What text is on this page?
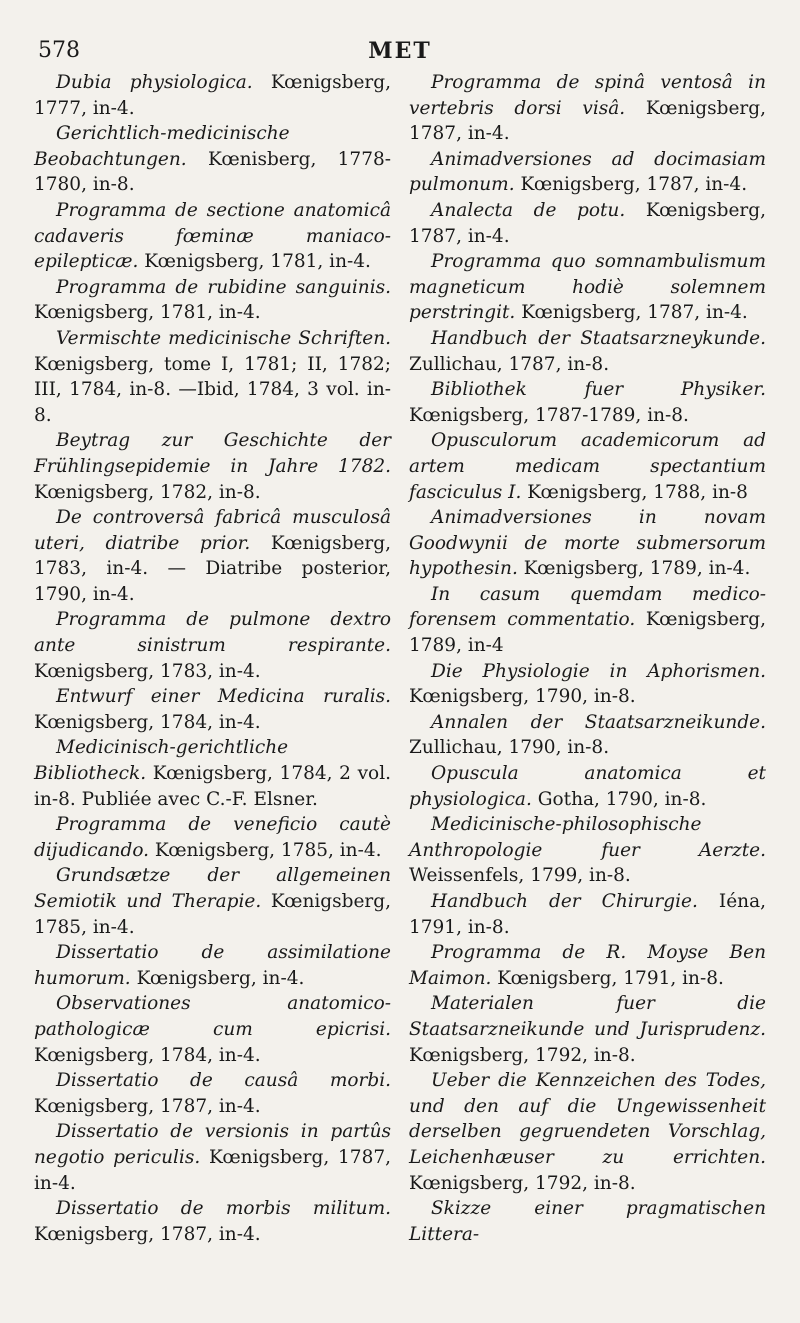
578	MET

Dubia physiologica. Kœnigsberg, 1777, in-4.

Gerichtlich-medicinische Beobachtungen. Kœnisberg, 1778-1780, in-8.

Programma de sectione anatomicâ cadaveris fœminæ maniaco-epilepticæ. Kœnigsberg, 1781, in-4.

Programma de rubidine sanguinis. Kœnigsberg, 1781, in-4.

Vermischte medicinische Schriften. Kœnigsberg, tome I, 1781; II, 1782; III, 1784, in-8. —Ibid, 1784, 3 vol. in-8.

Beytrag zur Geschichte der Frühlingsepidemie in Jahre 1782. Kœnigsberg, 1782, in-8.

De controversâ fabricâ musculosâ uteri, diatribe prior. Kœnigsberg, 1783, in-4. — Diatribe posterior, 1790, in-4.

Programma de pulmone dextro ante sinistrum respirante. Kœnigsberg, 1783, in-4.

Entwurf einer Medicina ruralis. Kœnigsberg, 1784, in-4.

Medicinisch-gerichtliche Bibliotheck. Kœnigsberg, 1784, 2 vol. in-8. Publiée avec C.-F. Elsner.

Programma de veneficio cautè dijudicando. Kœnigsberg, 1785, in-4.

Grundsætze der allgemeinen Semiotik und Therapie. Kœnigsberg, 1785, in-4.

Dissertatio de assimilatione humorum. Kœnigsberg, in-4.

Observationes anatomico-pathologicæ cum epicrisi. Kœnigsberg, 1784, in-4.

Dissertatio de causâ morbi. Kœnigsberg, 1787, in-4.

Dissertatio de versionis in partûs negotio periculis. Kœnigsberg, 1787, in-4.

Dissertatio de morbis militum. Kœnigsberg, 1787, in-4.

Programma de spinâ ventosâ in vertebris dorsi visâ. Kœnigsberg, 1787, in-4.

Animadversiones ad docimasiam pulmonum. Kœnigsberg, 1787, in-4.

Analecta de potu. Kœnigsberg, 1787, in-4.

Programma quo somnambulismum magneticum hodiè solemnem perstringit. Kœnigsberg, 1787, in-4.

Handbuch der Staatsarzneykunde. Zullichau, 1787, in-8.

Bibliothek fuer Physiker. Kœnigsberg, 1787-1789, in-8.

Opusculorum academicorum ad artem medicam spectantium fasciculus I. Kœnigsberg, 1788, in-8

Animadversiones in novam Goodwynii de morte submersorum hypothesin. Kœnigsberg, 1789, in-4.

In casum quemdam medico-forensem commentatio. Kœnigsberg, 1789, in-4

Die Physiologie in Aphorismen. Kœnigsberg, 1790, in-8.

Annalen der Staatsarzneikunde. Zullichau, 1790, in-8.

Opuscula anatomica et physiologica. Gotha, 1790, in-8.

Medicinische-philosophische Anthropologie fuer Aerzte. Weissenfels, 1799, in-8.

Handbuch der Chirurgie. Iéna, 1791, in-8.

Programma de R. Moyse Ben Maimon. Kœnigsberg, 1791, in-8.

Materialen fuer die Staatsarzneikunde und Jurisprudenz. Kœnigsberg, 1792, in-8.

Ueber die Kennzeichen des Todes, und den auf die Ungewissenheit derselben gegruendeten Vorschlag, Leichenhæuser zu errichten. Kœnigsberg, 1792, in-8.

Skizze einer pragmatischen Littera-
